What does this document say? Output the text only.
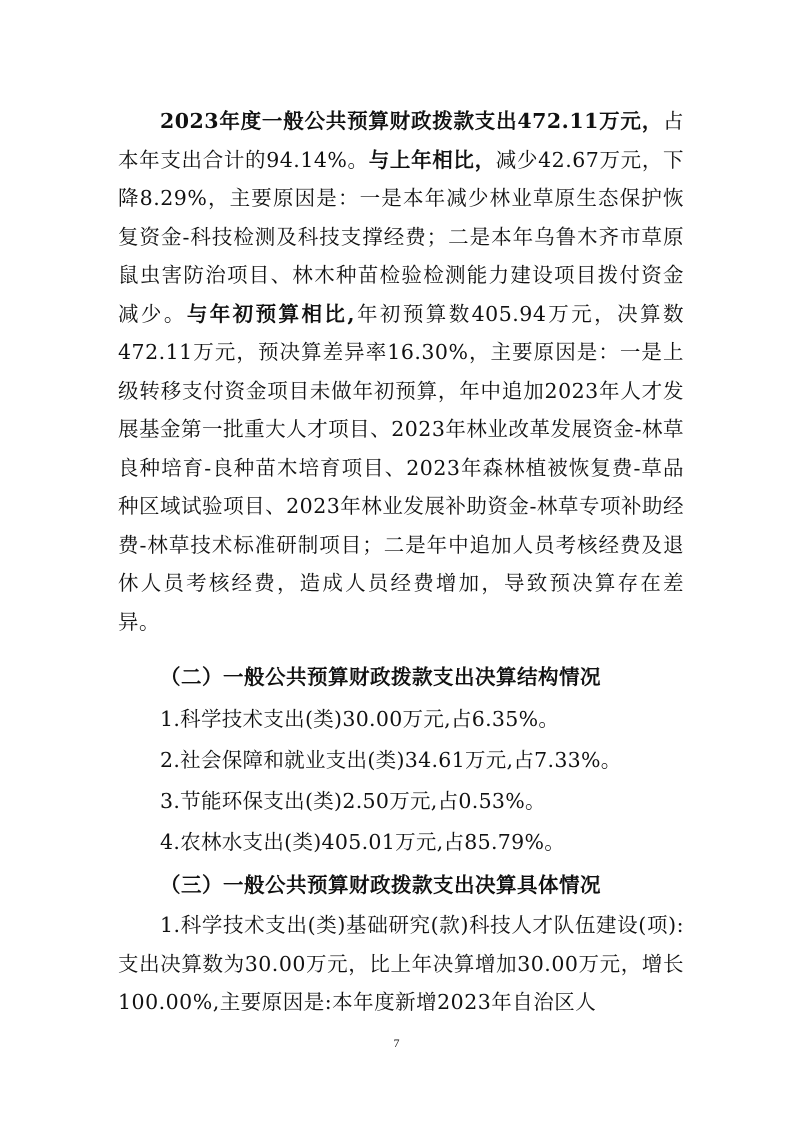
2023年度一般公共预算财政拨款支出472.11万元，占本年支出合计的94.14%。与上年相比，减少42.67万元，下降8.29%，主要原因是：一是本年减少林业草原生态保护恢复资金-科技检测及科技支撑经费；二是本年乌鲁木齐市草原鼠虫害防治项目、林木种苗检验检测能力建设项目拨付资金减少。与年初预算相比,年初预算数405.94万元，决算数472.11万元，预决算差异率16.30%，主要原因是：一是上级转移支付资金项目未做年初预算，年中追加2023年人才发展基金第一批重大人才项目、2023年林业改革发展资金-林草良种培育-良种苗木培育项目、2023年森林植被恢复费-草品种区域试验项目、2023年林业发展补助资金-林草专项补助经费-林草技术标准研制项目；二是年中追加人员考核经费及退休人员考核经费，造成人员经费增加，导致预决算存在差异。

（二）一般公共预算财政拨款支出决算结构情况
1.科学技术支出(类)30.00万元,占6.35%。
2.社会保障和就业支出(类)34.61万元,占7.33%。
3.节能环保支出(类)2.50万元,占0.53%。
4.农林水支出(类)405.01万元,占85.79%。
（三）一般公共预算财政拨款支出决算具体情况

1.科学技术支出(类)基础研究(款)科技人才队伍建设(项):支出决算数为30.00万元，比上年决算增加30.00万元，增长100.00%,主要原因是:本年度新增2023年自治区人

7
